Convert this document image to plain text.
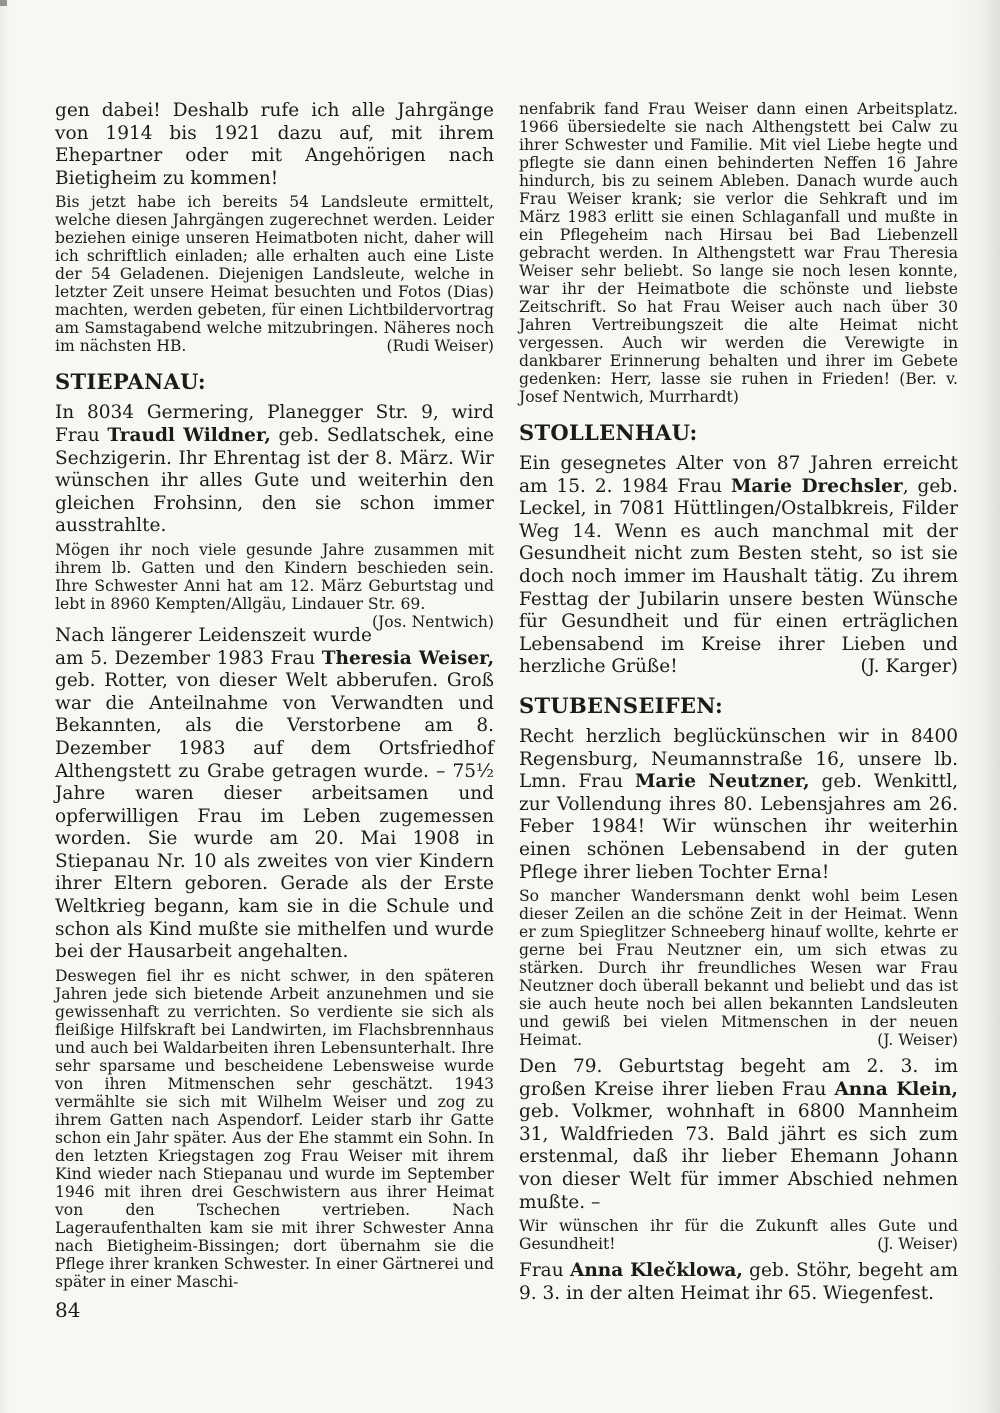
gen dabei! Deshalb rufe ich alle Jahrgänge von 1914 bis 1921 dazu auf, mit ihrem Ehepartner oder mit Angehörigen nach Bietigheim zu kommen!

Bis jetzt habe ich bereits 54 Landsleute ermittelt, welche diesen Jahrgängen zugerechnet werden. Leider beziehen einige unseren Heimatboten nicht, daher will ich schriftlich einladen; alle erhalten auch eine Liste der 54 Geladenen. Diejenigen Landsleute, welche in letzter Zeit unsere Heimat besuchten und Fotos (Dias) machten, werden gebeten, für einen Lichtbildervortrag am Samstagabend welche mitzubringen. Näheres noch im nächsten HB.	(Rudi Weiser)

STIEPANAU:

In 8034 Germering, Planegger Str. 9, wird Frau Traudl Wildner, geb. Sedlatschek, eine Sechzigerin. Ihr Ehrentag ist der 8. März. Wir wünschen ihr alles Gute und weiterhin den gleichen Frohsinn, den sie schon immer ausstrahlte.

Mögen ihr noch viele gesunde Jahre zusammen mit ihrem lb. Gatten und den Kindern beschieden sein. Ihre Schwester Anni hat am 12. März Geburtstag und lebt in 8960 Kempten/Allgäu, Lindauer Str. 69.
(Jos. Nentwich)

Nach längerer Leidenszeit wurde am 5. Dezember 1983 Frau Theresia Weiser, geb. Rotter, von dieser Welt abberufen. Groß war die Anteilnahme von Verwandten und Bekannten, als die Verstorbene am 8. Dezember 1983 auf dem Ortsfriedhof Althengstett zu Grabe getragen wurde. – 75½ Jahre waren dieser arbeitsamen und opferwilligen Frau im Leben zugemessen worden. Sie wurde am 20. Mai 1908 in Stiepanau Nr. 10 als zweites von vier Kindern ihrer Eltern geboren. Gerade als der Erste Weltkrieg begann, kam sie in die Schule und schon als Kind mußte sie mithelfen und wurde bei der Hausarbeit angehalten.

Deswegen fiel ihr es nicht schwer, in den späteren Jahren jede sich bietende Arbeit anzunehmen und sie gewissenhaft zu verrichten. So verdiente sie sich als fleißige Hilfskraft bei Landwirten, im Flachsbrennhaus und auch bei Waldarbeiten ihren Lebensunterhalt. Ihre sehr sparsame und bescheidene Lebensweise wurde von ihren Mitmenschen sehr geschätzt. 1943 vermählte sie sich mit Wilhelm Weiser und zog zu ihrem Gatten nach Aspendorf. Leider starb ihr Gatte schon ein Jahr später. Aus der Ehe stammt ein Sohn. In den letzten Kriegstagen zog Frau Weiser mit ihrem Kind wieder nach Stiepanau und wurde im September 1946 mit ihren drei Geschwistern aus ihrer Heimat von den Tschechen vertrieben. Nach Lageraufenthalten kam sie mit ihrer Schwester Anna nach Bietigheim-Bissingen; dort übernahm sie die Pflege ihrer kranken Schwester. In einer Gärtnerei und später in einer Maschi-

nenfabrik fand Frau Weiser dann einen Arbeitsplatz. 1966 übersiedelte sie nach Althengstett bei Calw zu ihrer Schwester und Familie. Mit viel Liebe hegte und pflegte sie dann einen behinderten Neffen 16 Jahre hindurch, bis zu seinem Ableben. Danach wurde auch Frau Weiser krank; sie verlor die Sehkraft und im März 1983 erlitt sie einen Schlaganfall und mußte in ein Pflegeheim nach Hirsau bei Bad Liebenzell gebracht werden. In Althengstett war Frau Theresia Weiser sehr beliebt. So lange sie noch lesen konnte, war ihr der Heimatbote die schönste und liebste Zeitschrift. So hat Frau Weiser auch nach über 30 Jahren Vertreibungszeit die alte Heimat nicht vergessen. Auch wir werden die Verewigte in dankbarer Erinnerung behalten und ihrer im Gebete gedenken: Herr, lasse sie ruhen in Frieden! (Ber. v. Josef Nentwich, Murrhardt)

STOLLENHAU:

Ein gesegnetes Alter von 87 Jahren erreicht am 15. 2. 1984 Frau Marie Drechsler, geb. Leckel, in 7081 Hüttlingen/Ostalbkreis, Filder Weg 14. Wenn es auch manchmal mit der Gesundheit nicht zum Besten steht, so ist sie doch noch immer im Haushalt tätig. Zu ihrem Festtag der Jubilarin unsere besten Wünsche für Gesundheit und für einen erträglichen Lebensabend im Kreise ihrer Lieben und herzliche Grüße!	(J. Karger)

STUBENSEIFEN:

Recht herzlich beglückünschen wir in 8400 Regensburg, Neumannstraße 16, unsere lb. Lmn. Frau Marie Neutzner, geb. Wenkittl, zur Vollendung ihres 80. Lebensjahres am 26. Feber 1984! Wir wünschen ihr weiterhin einen schönen Lebensabend in der guten Pflege ihrer lieben Tochter Erna!

So mancher Wandersmann denkt wohl beim Lesen dieser Zeilen an die schöne Zeit in der Heimat. Wenn er zum Spieglitzer Schneeberg hinauf wollte, kehrte er gerne bei Frau Neutzner ein, um sich etwas zu stärken. Durch ihr freundliches Wesen war Frau Neutzner doch überall bekannt und beliebt und das ist sie auch heute noch bei allen bekannten Landsleuten und gewiß bei vielen Mitmenschen in der neuen Heimat.	(J. Weiser)

Den 79. Geburtstag begeht am 2. 3. im großen Kreise ihrer lieben Frau Anna Klein, geb. Volkmer, wohnhaft in 6800 Mannheim 31, Waldfrieden 73. Bald jährt es sich zum erstenmal, daß ihr lieber Ehemann Johann von dieser Welt für immer Abschied nehmen mußte. –

Wir wünschen ihr für die Zukunft alles Gute und Gesundheit!	(J. Weiser)

Frau Anna Klečklowa, geb. Stöhr, begeht am 9. 3. in der alten Heimat ihr 65. Wiegenfest.

84
